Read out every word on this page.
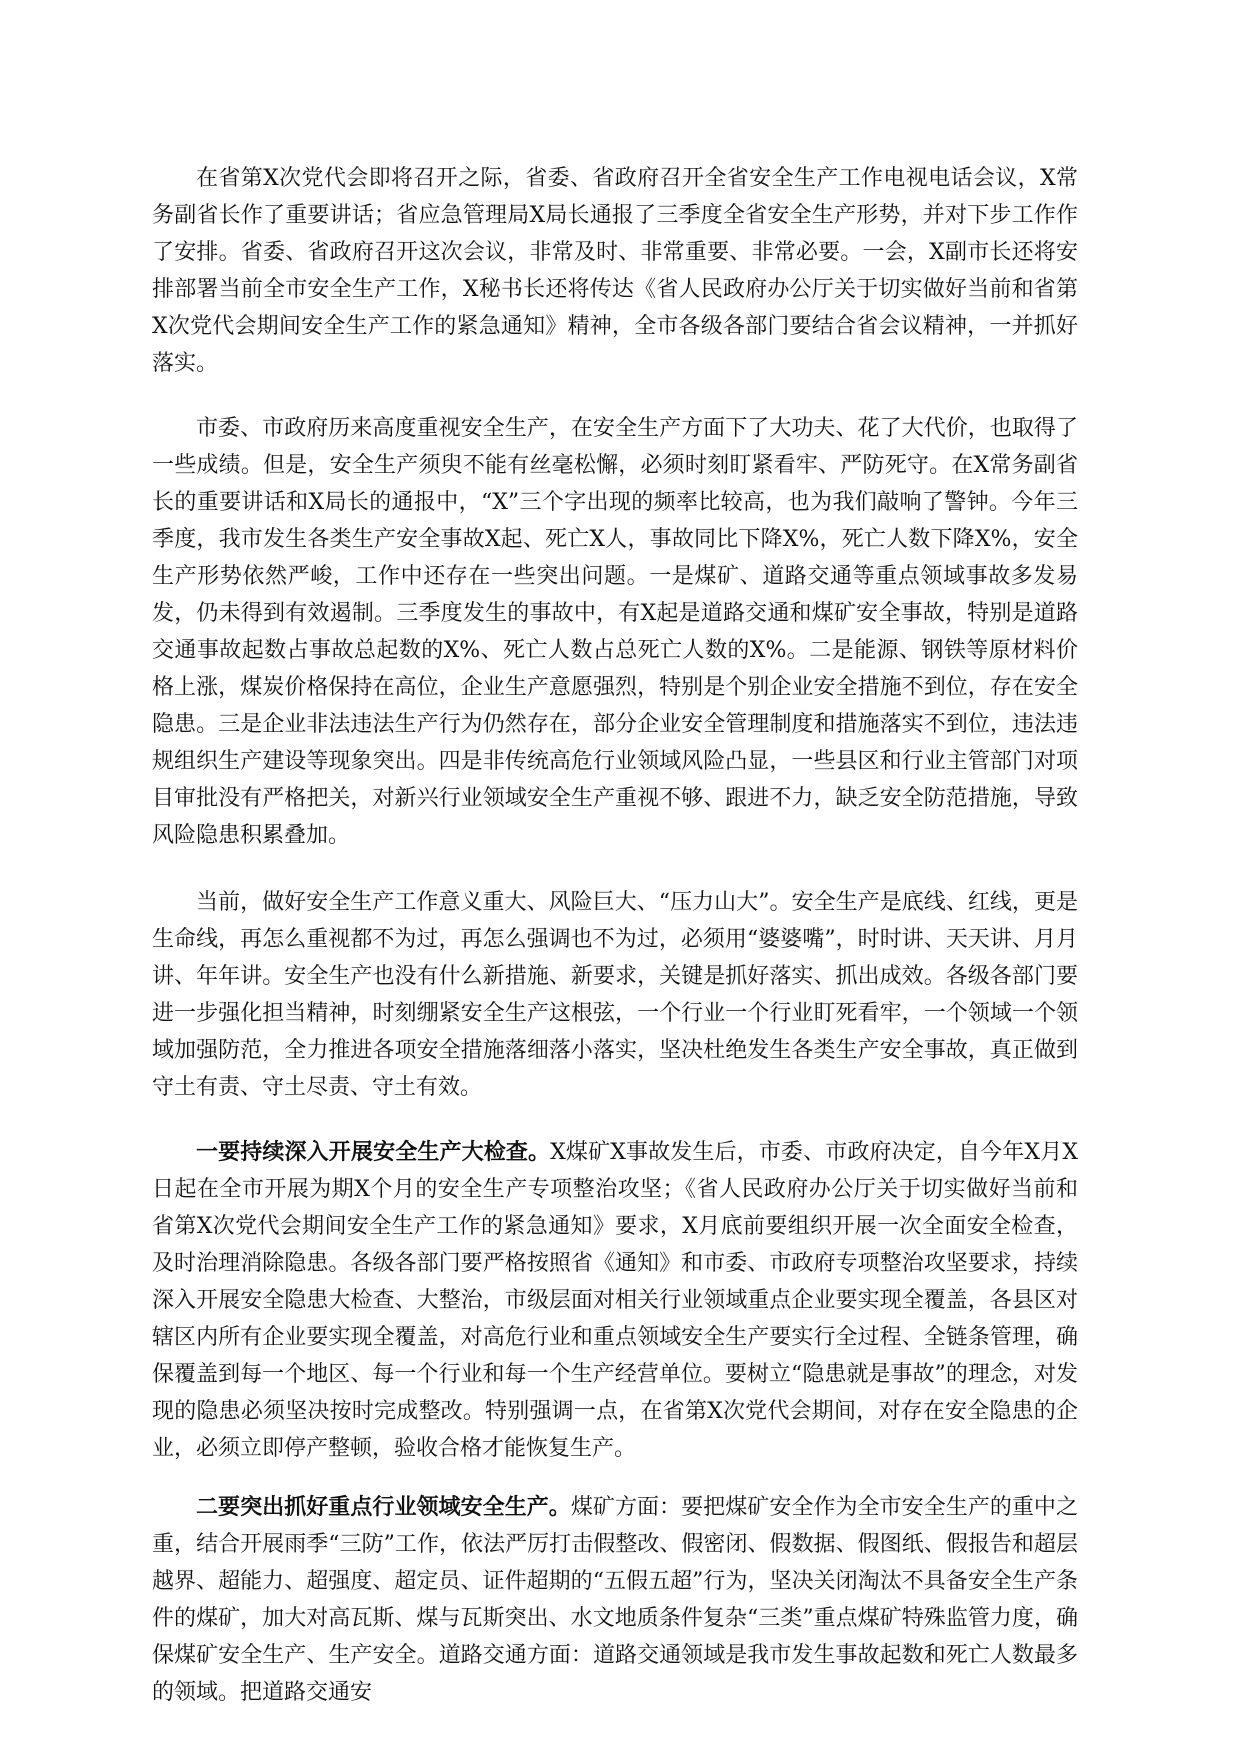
在省第X次党代会即将召开之际，省委、省政府召开全省安全生产工作电视电话会议，X常务副省长作了重要讲话；省应急管理局X局长通报了三季度全省安全生产形势，并对下步工作作了安排。省委、省政府召开这次会议，非常及时、非常重要、非常必要。一会，X副市长还将安排部署当前全市安全生产工作，X秘书长还将传达《省人民政府办公厅关于切实做好当前和省第X次党代会期间安全生产工作的紧急通知》精神，全市各级各部门要结合省会议精神，一并抓好落实。

市委、市政府历来高度重视安全生产，在安全生产方面下了大功夫、花了大代价，也取得了一些成绩。但是，安全生产须臾不能有丝毫松懈，必须时刻盯紧看牢、严防死守。在X常务副省长的重要讲话和X局长的通报中，“X”三个字出现的频率比较高，也为我们敲响了警钟。今年三季度，我市发生各类生产安全事故X起、死亡X人，事故同比下降X%，死亡人数下降X%，安全生产形势依然严峻，工作中还存在一些突出问题。一是煤矿、道路交通等重点领域事故多发易发，仍未得到有效遏制。三季度发生的事故中，有X起是道路交通和煤矿安全事故，特别是道路交通事故起数占事故总起数的X%、死亡人数占总死亡人数的X%。二是能源、钢铁等原材料价格上涨，煤炭价格保持在高位，企业生产意愿强烈，特别是个别企业安全措施不到位，存在安全隐患。三是企业非法违法生产行为仍然存在，部分企业安全管理制度和措施落实不到位，违法违规组织生产建设等现象突出。四是非传统高危行业领域风险凸显，一些县区和行业主管部门对项目审批没有严格把关，对新兴行业领域安全生产重视不够、跟进不力，缺乏安全防范措施，导致风险隐患积累叠加。

当前，做好安全生产工作意义重大、风险巨大、“压力山大”。安全生产是底线、红线，更是生命线，再怎么重视都不为过，再怎么强调也不为过，必须用“婆婆嘴”，时时讲、天天讲、月月讲、年年讲。安全生产也没有什么新措施、新要求，关键是抓好落实、抓出成效。各级各部门要进一步强化担当精神，时刻绷紧安全生产这根弦，一个行业一个行业盯死看牢，一个领域一个领域加强防范，全力推进各项安全措施落细落小落实，坚决杜绝发生各类生产安全事故，真正做到守土有责、守土尽责、守土有效。

一要持续深入开展安全生产大检查。X煤矿X事故发生后，市委、市政府决定，自今年X月X日起在全市开展为期X个月的安全生产专项整治攻坚；《省人民政府办公厅关于切实做好当前和省第X次党代会期间安全生产工作的紧急通知》要求，X月底前要组织开展一次全面安全检查，及时治理消除隐患。各级各部门要严格按照省《通知》和市委、市政府专项整治攻坚要求，持续深入开展安全隐患大检查、大整治，市级层面对相关行业领域重点企业要实现全覆盖，各县区对辖区内所有企业要实现全覆盖，对高危行业和重点领域安全生产要实行全过程、全链条管理，确保覆盖到每一个地区、每一个行业和每一个生产经营单位。要树立“隐患就是事故”的理念，对发现的隐患必须坚决按时完成整改。特别强调一点，在省第X次党代会期间，对存在安全隐患的企业，必须立即停产整顿，验收合格才能恢复生产。

二要突出抓好重点行业领域安全生产。煤矿方面：要把煤矿安全作为全市安全生产的重中之重，结合开展雨季“三防”工作，依法严厉打击假整改、假密闭、假数据、假图纸、假报告和超层越界、超能力、超强度、超定员、证件超期的“五假五超”行为，坚决关闭淘汰不具备安全生产条件的煤矿，加大对高瓦斯、煤与瓦斯突出、水文地质条件复杂“三类”重点煤矿特殊监管力度，确保煤矿安全生产、生产安全。道路交通方面：道路交通领域是我市发生事故起数和死亡人数最多的领域。把道路交通安
